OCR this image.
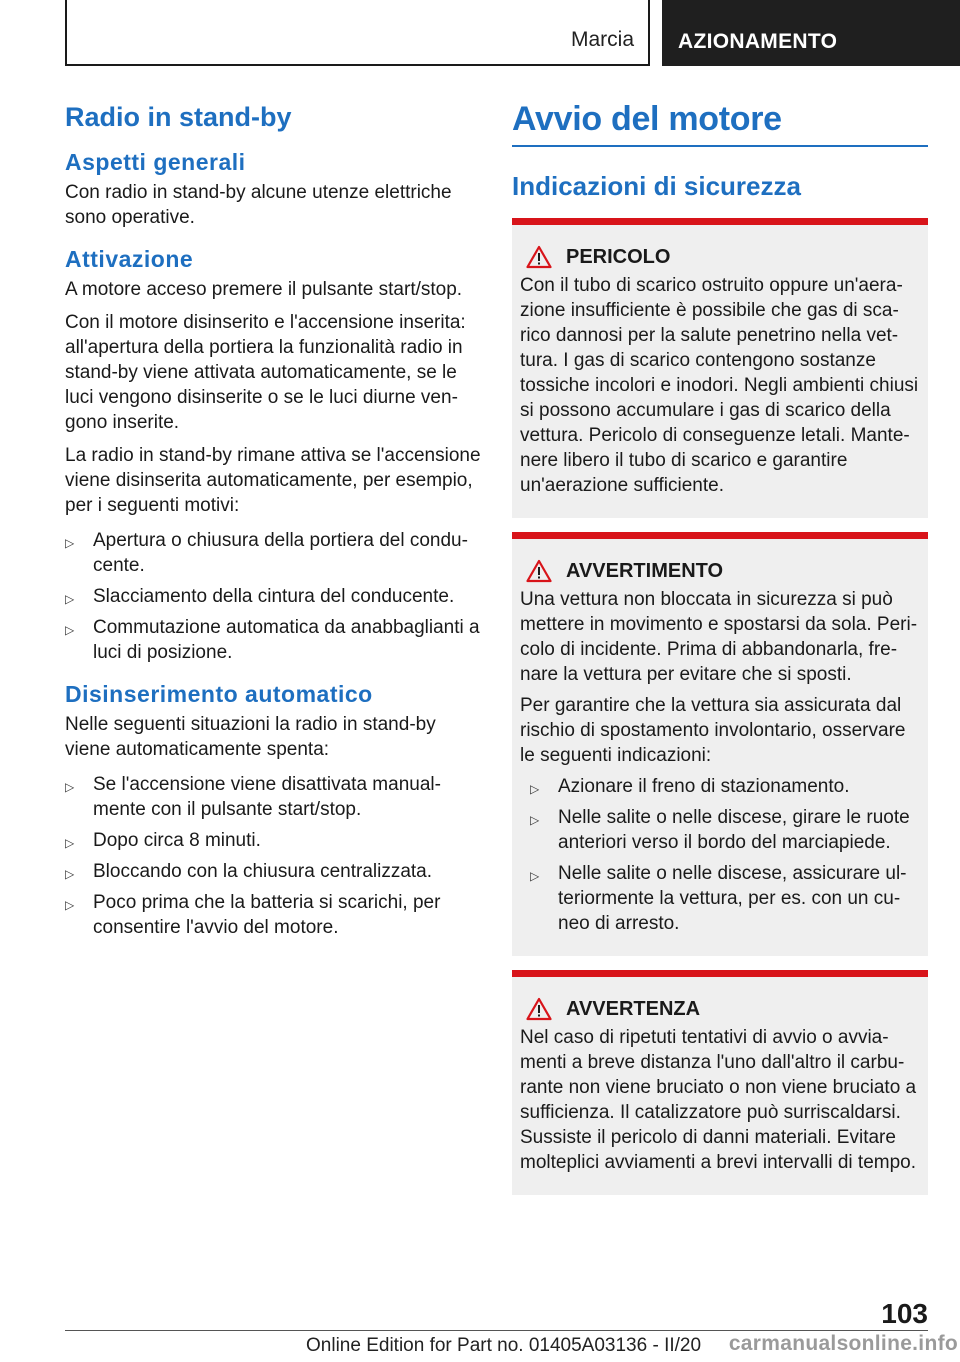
Marcia AZIONAMENTO
Radio in stand-by
Aspetti generali

Con radio in stand-by alcune utenze elettriche sono operative.

Attivazione

A motore acceso premere il pulsante start/stop.

Con il motore disinserito e l'accensione inserita: all'apertura della portiera la funzionalità radio in stand-by viene attivata automaticamente, se le luci vengono disinserite o se le luci diurne vengono inserite.

La radio in stand-by rimane attiva se l'accensione viene disinserita automaticamente, per esempio, per i seguenti motivi:

▷ Apertura o chiusura della portiera del conducente.
▷ Slacciamento della cintura del conducente.
▷ Commutazione automatica da anabbaglianti a luci di posizione.
Disinserimento automatico

Nelle seguenti situazioni la radio in stand-by viene automaticamente spenta:

▷ Se l'accensione viene disattivata manualmente con il pulsante start/stop.
▷ Dopo circa 8 minuti.
▷ Bloccando con la chiusura centralizzata.
▷ Poco prima che la batteria si scarichi, per consentire l'avvio del motore.
Avvio del motore
Indicazioni di sicurezza
PERICOLO

Con il tubo di scarico ostruito oppure un'aerazione insufficiente è possibile che gas di scarico dannosi per la salute penetrino nella vettura. I gas di scarico contengono sostanze tossiche incolori e inodori. Negli ambienti chiusi si possono accumulare i gas di scarico della vettura. Pericolo di conseguenze letali. Mantenere libero il tubo di scarico e garantire un'aerazione sufficiente.

AVVERTIMENTO

Una vettura non bloccata in sicurezza si può mettere in movimento e spostarsi da sola. Pericolo di incidente. Prima di abbandonarla, frenare la vettura per evitare che si sposti.

Per garantire che la vettura sia assicurata dal rischio di spostamento involontario, osservare le seguenti indicazioni:

▷ Azionare il freno di stazionamento.
▷ Nelle salite o nelle discese, girare le ruote anteriori verso il bordo del marciapiede.
▷ Nelle salite o nelle discese, assicurare ulteriormente la vettura, per es. con un cuneo di arresto.
AVVERTENZA

Nel caso di ripetuti tentativi di avvio o avviamenti a breve distanza l'uno dall'altro il carburante non viene bruciato o non viene bruciato a sufficienza. Il catalizzatore può surriscaldarsi. Sussiste il pericolo di danni materiali. Evitare molteplici avviamenti a brevi intervalli di tempo.

103
Online Edition for Part no. 01405A03136 - II/20 carmanualsonline.info
